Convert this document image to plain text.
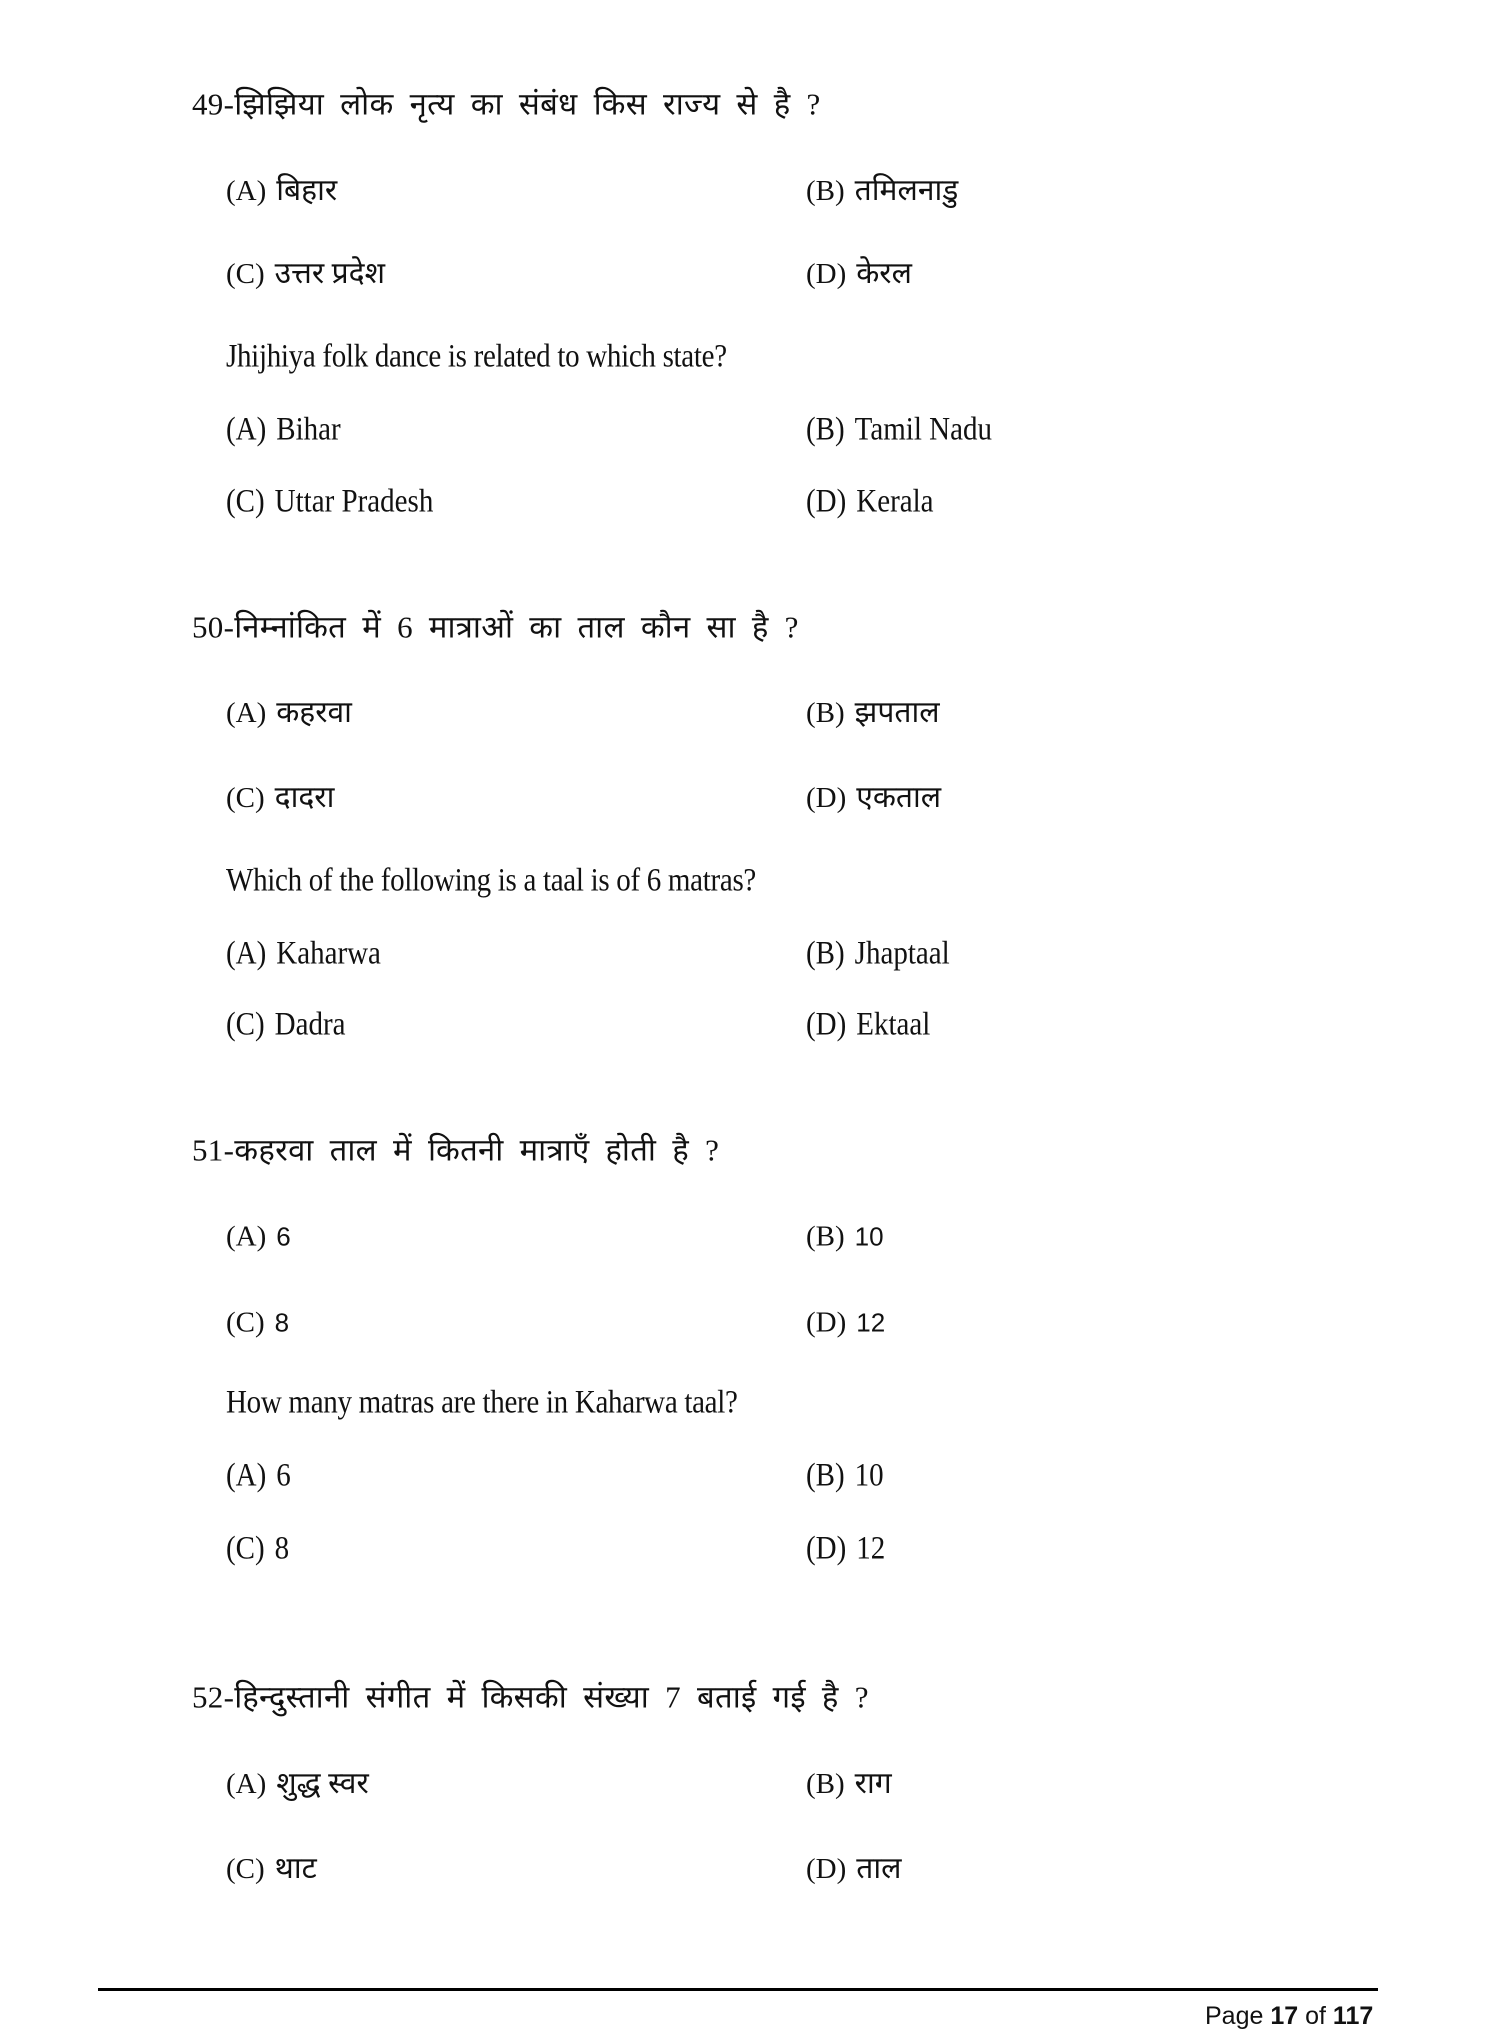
49-झिझिया लोक नृत्य का संबंध किस राज्य से है ?
(A) बिहार	(B) तमिलनाडु
(C) उत्तर प्रदेश	(D) केरल
Jhijhiya folk dance is related to which state?
(A) Bihar	(B) Tamil Nadu
(C) Uttar Pradesh	(D) Kerala
50-निम्नांकित में 6 मात्राओं का ताल कौन सा है ?
(A) कहरवा	(B) झपताल
(C) दादरा	(D) एकताल
Which of the following is a taal is of 6 matras?
(A) Kaharwa	(B) Jhaptaal
(C) Dadra	(D) Ektaal
51-कहरवा ताल में कितनी मात्राएँ होती है ?
(A) 6	(B) 10
(C) 8	(D) 12
How many matras are there in Kaharwa taal?
(A) 6	(B) 10
(C) 8	(D) 12
52-हिन्दुस्तानी संगीत में किसकी संख्या 7 बताई गई है ?
(A) शुद्ध स्वर	(B) राग
(C) थाट	(D) ताल
Page 17 of 117
